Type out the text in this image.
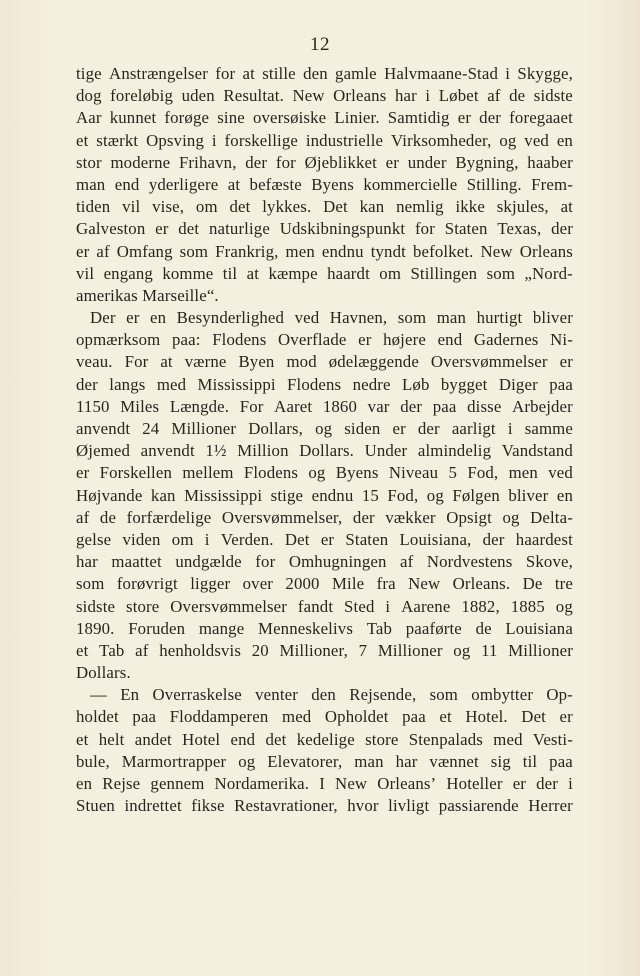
12
tige Anstrængelser for at stille den gamle Halvmaane-Stad i Skygge,
dog foreløbig uden Resultat. New Orleans har i Løbet af de sidste
Aar kunnet forøge sine oversøiske Linier. Samtidig er der foregaaet
et stærkt Opsving i forskellige industrielle Virksomheder, og ved en
stor moderne Frihavn, der for Øjeblikket er under Bygning, haaber
man end yderligere at befæste Byens kommercielle Stilling. Frem-
tiden vil vise, om det lykkes. Det kan nemlig ikke skjules, at
Galveston er det naturlige Udskibningspunkt for Staten Texas, der
er af Omfang som Frankrig, men endnu tyndt befolket. New Orleans
vil engang komme til at kæmpe haardt om Stillingen som „Nord-
amerikas Marseille“.
Der er en Besynderlighed ved Havnen, som man hurtigt bliver
opmærksom paa: Flodens Overflade er højere end Gadernes Ni-
veau. For at værne Byen mod ødelæggende Oversvømmelser er
der langs med Mississippi Flodens nedre Løb bygget Diger paa
1150 Miles Længde. For Aaret 1860 var der paa disse Arbejder
anvendt 24 Millioner Dollars, og siden er der aarligt i samme
Øjemed anvendt 1½ Million Dollars. Under almindelig Vandstand
er Forskellen mellem Flodens og Byens Niveau 5 Fod, men ved
Højvande kan Mississippi stige endnu 15 Fod, og Følgen bliver en
af de forfærdelige Oversvømmelser, der vækker Opsigt og Delta-
gelse viden om i Verden. Det er Staten Louisiana, der haardest
har maattet undgælde for Omhugningen af Nordvestens Skove,
som forøvrigt ligger over 2000 Mile fra New Orleans. De tre
sidste store Oversvømmelser fandt Sted i Aarene 1882, 1885 og
1890. Foruden mange Menneskelivs Tab paaførte de Louisiana
et Tab af henholdsvis 20 Millioner, 7 Millioner og 11 Millioner
Dollars.
— En Overraskelse venter den Rejsende, som ombytter Op-
holdet paa Floddamperen med Opholdet paa et Hotel. Det er
et helt andet Hotel end det kedelige store Stenpalads med Vesti-
bule, Marmortrapper og Elevatorer, man har vænnet sig til paa
en Rejse gennem Nordamerika. I New Orleans’ Hoteller er der i
Stuen indrettet fikse Restavrationer, hvor livligt passiarende Herrer
